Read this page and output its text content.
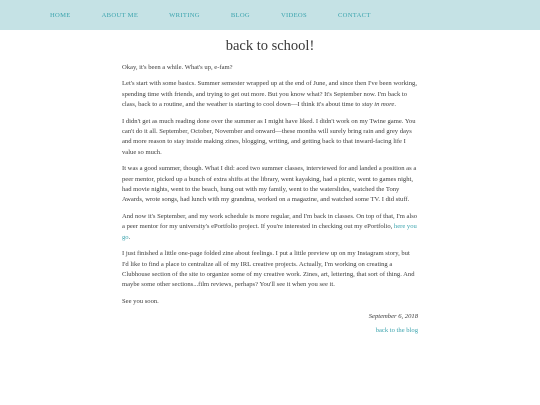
HOME	ABOUT ME	WRITING	BLOG	VIDEOS	CONTACT
back to school!

Okay, it's been a while. What's up, e-fam?

Let's start with some basics. Summer semester wrapped up at the end of June, and since then I've been working, spending time with friends, and trying to get out more. But you know what? It's September now. I'm back to class, back to a routine, and the weather is starting to cool down—I think it's about time to stay in more.

I didn't get as much reading done over the summer as I might have liked. I didn't work on my Twine game. You can't do it all. September, October, November and onward—these months will surely bring rain and grey days and more reason to stay inside making zines, blogging, writing, and getting back to that inward-facing life I value so much.

It was a good summer, though. What I did: aced two summer classes, interviewed for and landed a position as a peer mentor, picked up a bunch of extra shifts at the library, went kayaking, had a picnic, went to games night, had movie nights, went to the beach, hung out with my family, went to the waterslides, watched the Tony Awards, wrote songs, had lunch with my grandma, worked on a magazine, and watched some TV. I did stuff.

And now it's September, and my work schedule is more regular, and I'm back in classes. On top of that, I'm also a peer mentor for my university's ePortfolio project. If you're interested in checking out my ePortfolio, here you go.

I just finished a little one-page folded zine about feelings. I put a little preview up on my Instagram story, but I'd like to find a place to centralize all of my IRL creative projects. Actually, I'm working on creating a Clubhouse section of the site to organize some of my creative work. Zines, art, lettering, that sort of thing. And maybe some other sections...film reviews, perhaps? You'll see it when you see it.

See you soon.

September 6, 2018
back to the blog
